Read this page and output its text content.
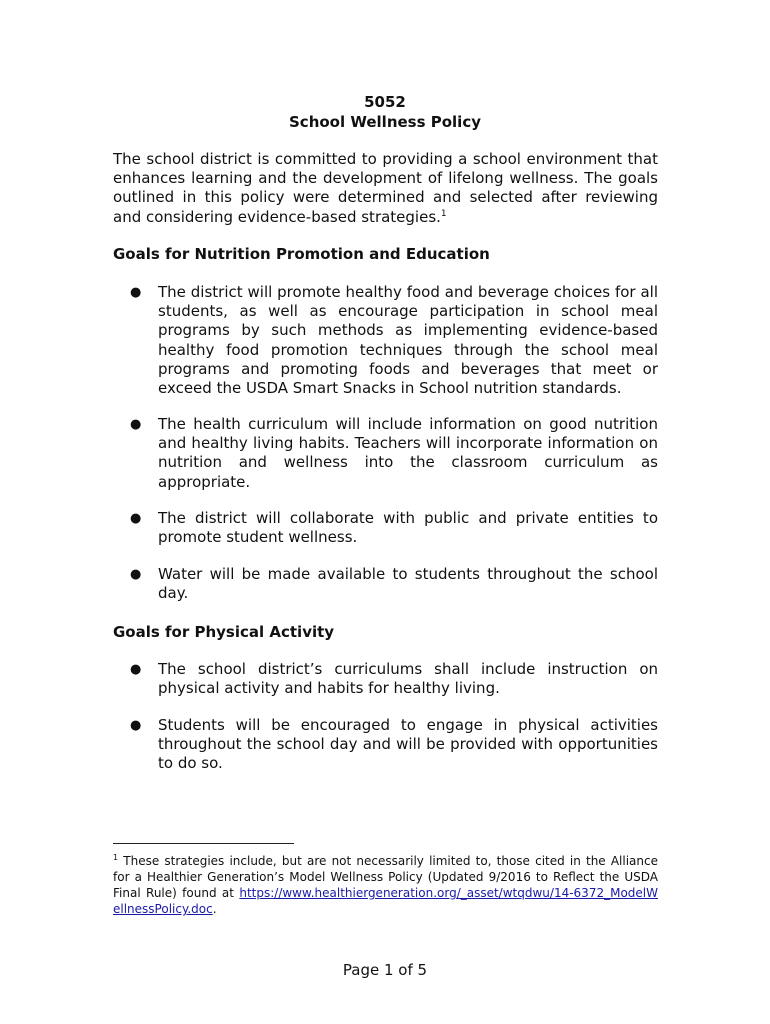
5052
School Wellness Policy

The school district is committed to providing a school environment that enhances learning and the development of lifelong wellness. The goals outlined in this policy were determined and selected after reviewing and considering evidence-based strategies.$^1$

Goals for Nutrition Promotion and Education
●	The district will promote healthy food and beverage choices for all students, as well as encourage participation in school meal programs by such methods as implementing evidence-based healthy food promotion techniques through the school meal programs and promoting foods and beverages that meet or exceed the USDA Smart Snacks in School nutrition standards.
●	The health curriculum will include information on good nutrition and healthy living habits. Teachers will incorporate information on nutrition and wellness into the classroom curriculum as appropriate.
●	The district will collaborate with public and private entities to promote student wellness.
●	Water will be made available to students throughout the school day.
Goals for Physical Activity
●	The school district’s curriculums shall include instruction on physical activity and habits for healthy living.
●	Students will be encouraged to engage in physical activities throughout the school day and will be provided with opportunities to do so.

$^1$ These strategies include, but are not necessarily limited to, those cited in the Alliance for a Healthier Generation’s Model Wellness Policy (Updated 9/2016 to Reflect the USDA Final Rule) found at https://www.healthiergeneration.org/_asset/wtqdwu/14-6372_ModelWellnessPolicy.doc.

Page 1 of 5
